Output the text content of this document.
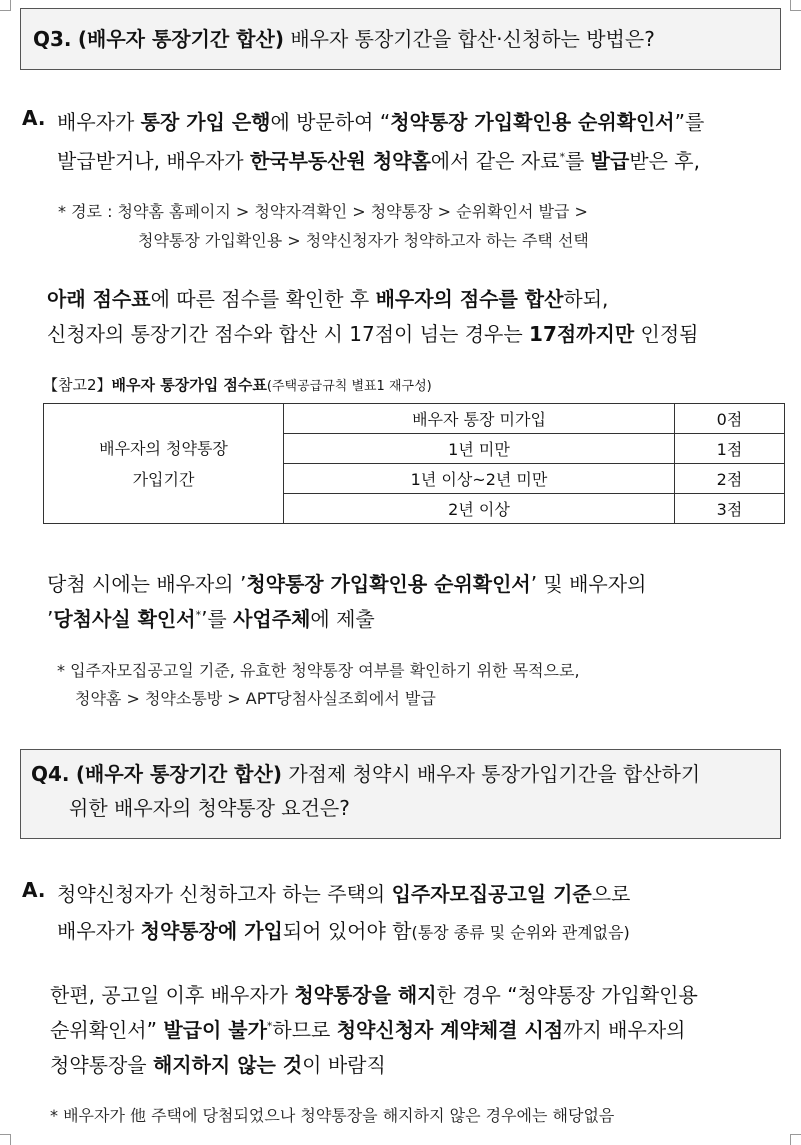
Q3. (배우자 통장기간 합산) 배우자 통장기간을 합산·신청하는 방법은?
A. 배우자가 통장 가입 은행에 방문하여 “청약통장 가입확인용 순위확인서”를
발급받거나, 배우자가 한국부동산원 청약홈에서 같은 자료*를 발급받은 후,
* 경로 : 청약홈 홈페이지 > 청약자격확인 > 청약통장 > 순위확인서 발급 >
청약통장 가입확인용 > 청약신청자가 청약하고자 하는 주택 선택
아래 점수표에 따른 점수를 확인한 후 배우자의 점수를 합산하되,
신청자의 통장기간 점수와 합산 시 17점이 넘는 경우는 17점까지만 인정됨
【참고2】배우자 통장가입 점수표(주택공급규칙 별표1 재구성)
배우자의 청약통장
가입기간	배우자 통장 미가입	0점
	1년 미만	1점
	1년 이상~2년 미만	2점
	2년 이상	3점
당첨 시에는 배우자의 ’청약통장 가입확인용 순위확인서’ 및 배우자의
’당첨사실 확인서*’를 사업주체에 제출
* 입주자모집공고일 기준, 유효한 청약통장 여부를 확인하기 위한 목적으로,
청약홈 > 청약소통방 > APT당첨사실조회에서 발급
Q4. (배우자 통장기간 합산) 가점제 청약시 배우자 통장가입기간을 합산하기
위한 배우자의 청약통장 요건은?
A. 청약신청자가 신청하고자 하는 주택의 입주자모집공고일 기준으로
배우자가 청약통장에 가입되어 있어야 함(통장 종류 및 순위와 관계없음)
한편, 공고일 이후 배우자가 청약통장을 해지한 경우 “청약통장 가입확인용
순위확인서” 발급이 불가*하므로 청약신청자 계약체결 시점까지 배우자의
청약통장을 해지하지 않는 것이 바람직
* 배우자가 他 주택에 당첨되었으나 청약통장을 해지하지 않은 경우에는 해당없음
